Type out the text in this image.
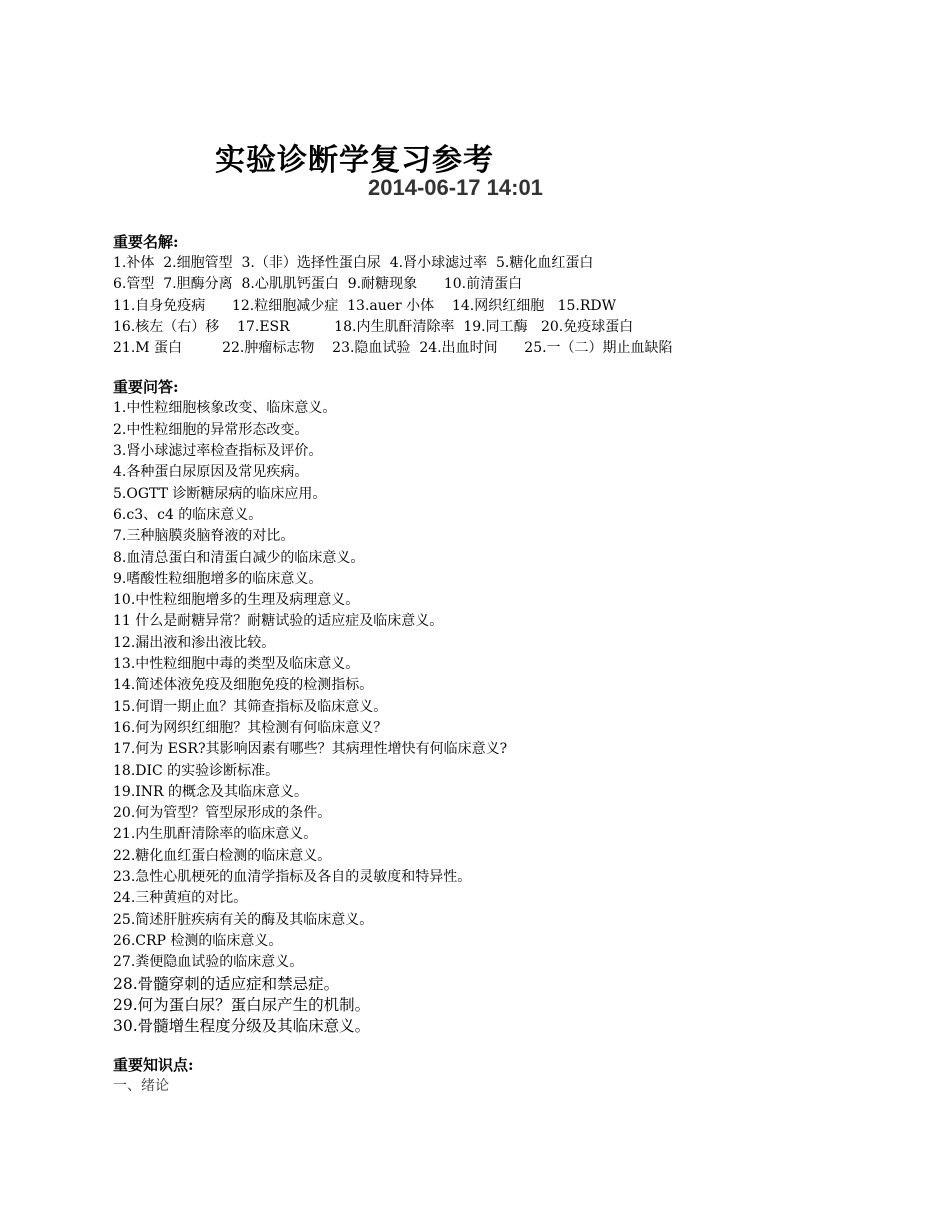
实验诊断学复习参考
2014-06-17 14:01
重要名解:
1.补体  2.细胞管型  3.（非）选择性蛋白尿  4.肾小球滤过率  5.糖化血红蛋白
6.管型  7.胆酶分离  8.心肌肌钙蛋白  9.耐糖现象      10.前清蛋白
11.自身免疫病      12.粒细胞减少症  13.auer 小体    14.网织红细胞   15.RDW
16.核左（右）移    17.ESR          18.内生肌酐清除率  19.同工酶   20.免疫球蛋白
21.M 蛋白         22.肿瘤标志物    23.隐血试验  24.出血时间      25.一（二）期止血缺陷
重要问答:
1.中性粒细胞核象改变、临床意义。
2.中性粒细胞的异常形态改变。
3.肾小球滤过率检查指标及评价。
4.各种蛋白尿原因及常见疾病。
5.OGTT 诊断糖尿病的临床应用。
6.c3、c4 的临床意义。
7.三种脑膜炎脑脊液的对比。
8.血清总蛋白和清蛋白减少的临床意义。
9.嗜酸性粒细胞增多的临床意义。
10.中性粒细胞增多的生理及病理意义。
11 什么是耐糖异常？耐糖试验的适应症及临床意义。
12.漏出液和渗出液比较。
13.中性粒细胞中毒的类型及临床意义。
14.简述体液免疫及细胞免疫的检测指标。
15.何谓一期止血？其筛查指标及临床意义。
16.何为网织红细胞？其检测有何临床意义？
17.何为 ESR?其影响因素有哪些？其病理性增快有何临床意义?
18.DIC 的实验诊断标准。
19.INR 的概念及其临床意义。
20.何为管型？管型尿形成的条件。
21.内生肌酐清除率的临床意义。
22.糖化血红蛋白检测的临床意义。
23.急性心肌梗死的血清学指标及各自的灵敏度和特异性。
24.三种黄疸的对比。
25.简述肝脏疾病有关的酶及其临床意义。
26.CRP 检测的临床意义。
27.粪便隐血试验的临床意义。
28.骨髓穿刺的适应症和禁忌症。
29.何为蛋白尿？蛋白尿产生的机制。
30.骨髓增生程度分级及其临床意义。
重要知识点:
一、绪论
